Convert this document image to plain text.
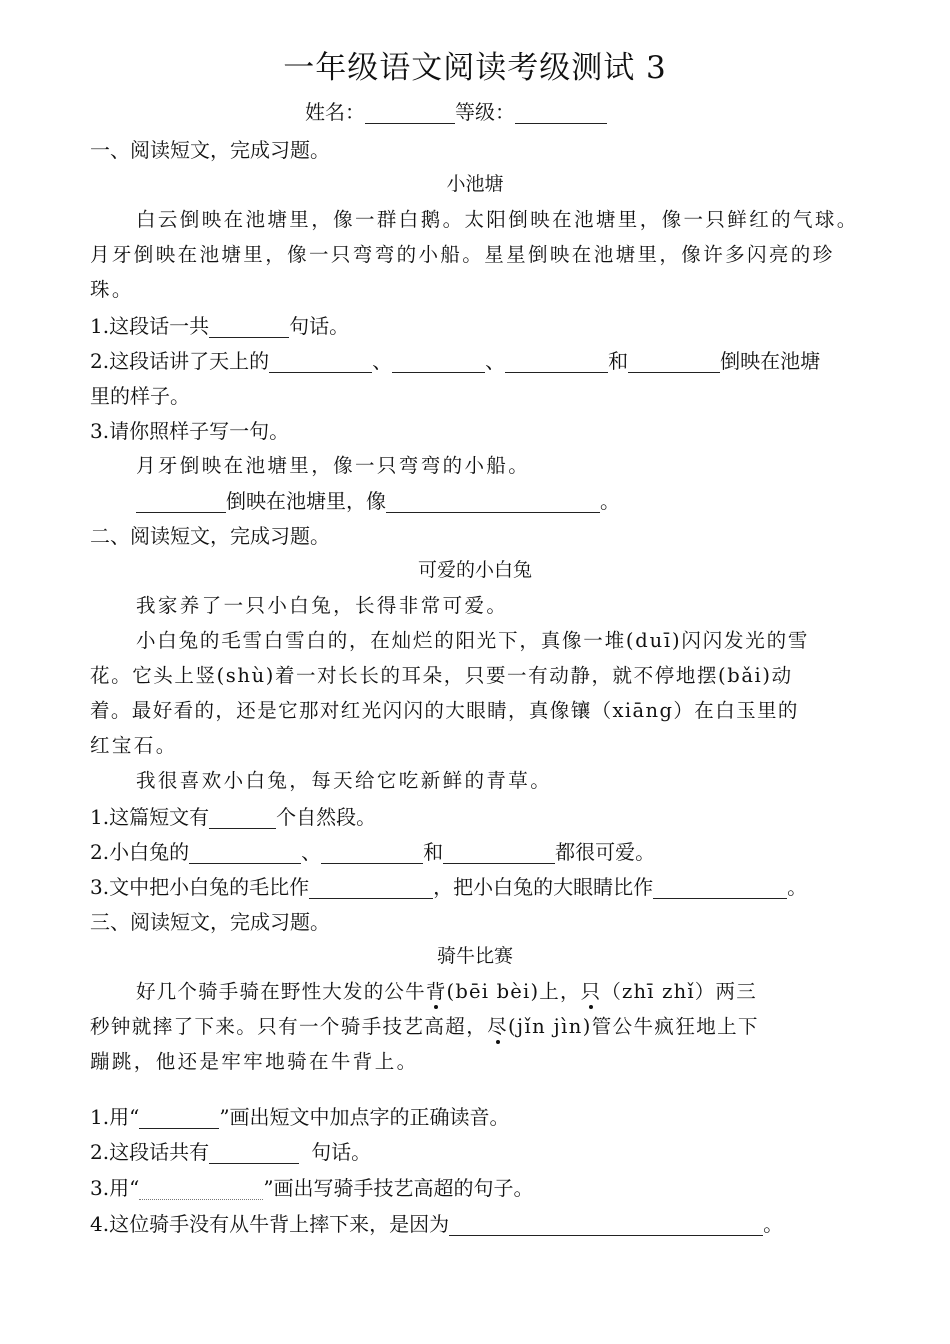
一年级语文阅读考级测试 3
姓名：	等级：
一、阅读短文，完成习题。
小池塘
白云倒映在池塘里，像一群白鹅。太阳倒映在池塘里，像一只鲜红的气球。
月牙倒映在池塘里，像一只弯弯的小船。星星倒映在池塘里，像许多闪亮的珍
珠。
1.这段话一共	句话。
2.这段话讲了天上的	、	、	和	倒映在池塘
里的样子。
3.请你照样子写一句。
月牙倒映在池塘里，像一只弯弯的小船。
倒映在池塘里，像	。
二、阅读短文，完成习题。
可爱的小白兔
我家养了一只小白兔，长得非常可爱。
小白兔的毛雪白雪白的，在灿烂的阳光下，真像一堆(duī)闪闪发光的雪
花。它头上竖(shù)着一对长长的耳朵，只要一有动静，就不停地摆(bǎi)动
着。最好看的，还是它那对红光闪闪的大眼睛，真像镶（xiāng）在白玉里的
红宝石。
我很喜欢小白兔，每天给它吃新鲜的青草。
1.这篇短文有	个自然段。
2.小白兔的	、	和	都很可爱。
3.文中把小白兔的毛比作	，把小白兔的大眼睛比作	。
三、阅读短文，完成习题。
骑牛比赛
好几个骑手骑在野性大发的公牛背(bēi bèi)上，只（zhī zhǐ）两三
秒钟就摔了下来。只有一个骑手技艺高超，尽(jǐn jìn)管公牛疯狂地上下
蹦跳，他还是牢牢地骑在牛背上。
1.用“	”画出短文中加点字的正确读音。
2.这段话共有	句话。
3.用“	”画出写骑手技艺高超的句子。
4.这位骑手没有从牛背上摔下来，是因为	。
